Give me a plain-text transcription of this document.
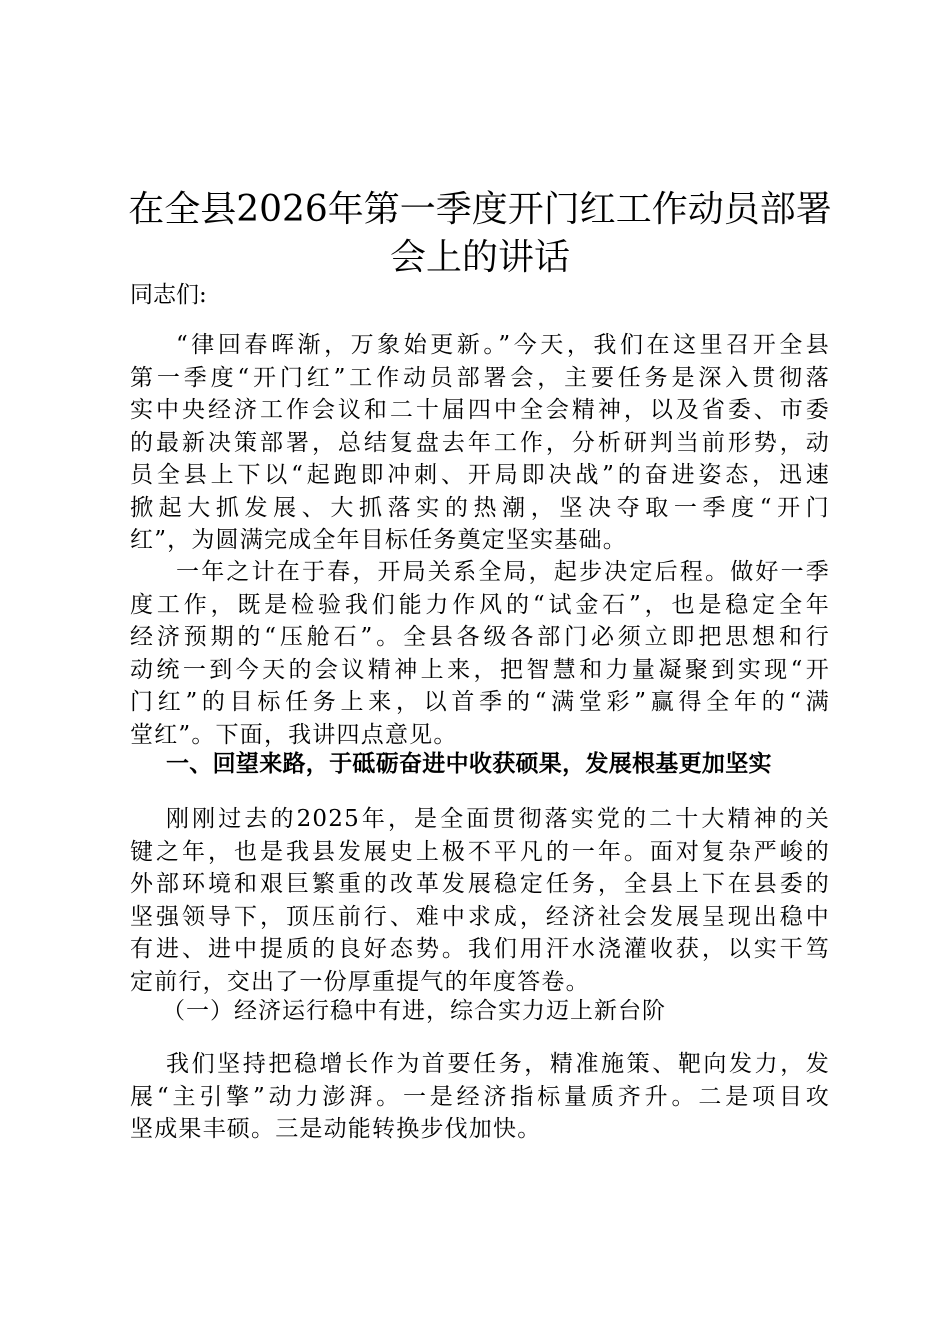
在全县2026年第一季度开门红工作动员部署
会上的讲话
同志们:
“律回春晖渐，万象始更新。”今天，我们在这里召开全县
第一季度“开门红”工作动员部署会，主要任务是深入贯彻落
实中央经济工作会议和二十届四中全会精神，以及省委、市委
的最新决策部署，总结复盘去年工作，分析研判当前形势，动
员全县上下以“起跑即冲刺、开局即决战”的奋进姿态，迅速
掀起大抓发展、大抓落实的热潮，坚决夺取一季度“开门
红”，为圆满完成全年目标任务奠定坚实基础。
一年之计在于春，开局关系全局，起步决定后程。做好一季
度工作，既是检验我们能力作风的“试金石”，也是稳定全年
经济预期的“压舱石”。全县各级各部门必须立即把思想和行
动统一到今天的会议精神上来，把智慧和力量凝聚到实现“开
门红”的目标任务上来，以首季的“满堂彩”赢得全年的“满
堂红”。下面，我讲四点意见。
一、回望来路，于砥砺奋进中收获硕果，发展根基更加坚实
刚刚过去的2025年，是全面贯彻落实党的二十大精神的关
键之年，也是我县发展史上极不平凡的一年。面对复杂严峻的
外部环境和艰巨繁重的改革发展稳定任务，全县上下在县委的
坚强领导下，顶压前行、难中求成，经济社会发展呈现出稳中
有进、进中提质的良好态势。我们用汗水浇灌收获，以实干笃
定前行，交出了一份厚重提气的年度答卷。
（一）经济运行稳中有进，综合实力迈上新台阶
我们坚持把稳增长作为首要任务，精准施策、靶向发力，发
展“主引擎”动力澎湃。一是经济指标量质齐升。二是项目攻
坚成果丰硕。三是动能转换步伐加快。
